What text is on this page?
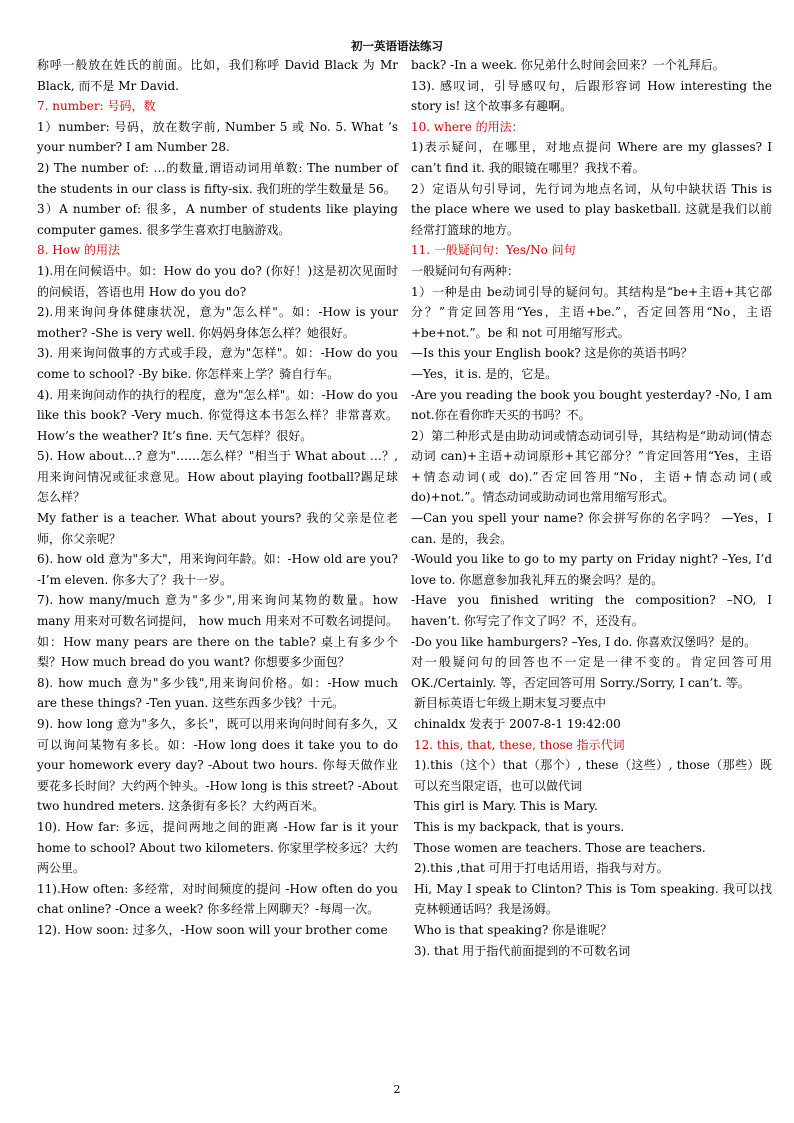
初一英语语法练习

称呼一般放在姓氏的前面。比如，我们称呼 David Black 为 Mr Black, 而不是 Mr David.

7. number: 号码，数

1）number: 号码，放在数字前, Number 5 或 No. 5. What ’s your number? I am Number 28.

2) The number of: …的数量,谓语动词用单数: The number of the students in our class is fifty-six. 我们班的学生数量是 56。

3）A number of: 很多，A number of students like playing computer games. 很多学生喜欢打电脑游戏。

8. How 的用法

1).用在问候语中。如：How do you do? (你好！)这是初次见面时的问候语，答语也用 How do you do?

2).用来询问身体健康状况，意为"怎么样"。如：-How is your mother? -She is very well. 你妈妈身体怎么样？她很好。

3). 用来询问做事的方式或手段，意为"怎样"。如：-How do you come to school? -By bike. 你怎样来上学？骑自行车。

4). 用来询问动作的执行的程度，意为"怎么样"。如：-How do you like this book? -Very much. 你觉得这本书怎么样？非常喜欢。How’s the weather? It’s fine. 天气怎样？很好。

5). How about…? 意为"……怎么样？"相当于 What about …？,用来询问情况或征求意见。How about playing football?踢足球怎么样？

My father is a teacher. What about yours? 我的父亲是位老师，你父亲呢？

6). how old 意为"多大"，用来询问年龄。如：-How old are you? -I’m eleven. 你多大了？我十一岁。

7). how many/much 意为"多少",用来询问某物的数量。how many 用来对可数名词提问， how much 用来对不可数名词提问。如：How many pears are there on the table? 桌上有多少个梨？How much bread do you want? 你想要多少面包？

8). how much 意为"多少钱",用来询问价格。如：-How much are these things? -Ten yuan. 这些东西多少钱？十元。

9). how long 意为"多久，多长"，既可以用来询问时间有多久，又可以询问某物有多长。如：-How long does it take you to do your homework every day? -About two hours. 你每天做作业要花多长时间？大约两个钟头。-How long is this street? -About two hundred meters. 这条街有多长？大约两百米。

10). How far: 多远，提问两地之间的距离 -How far is it your home to school? About two kilometers. 你家里学校多远？大约两公里。

11).How often: 多经常，对时间频度的提问 -How often do you chat online? -Once a week? 你多经常上网聊天？-每周一次。

12). How soon: 过多久，-How soon will your brother come

back? -In a week. 你兄弟什么时间会回来？一个礼拜后。

13). 感叹词，引导感叹句，后跟形容词 How interesting the story is! 这个故事多有趣啊。

10. where 的用法：

1)表示疑问，在哪里，对地点提问 Where are my glasses? I can’t find it. 我的眼镜在哪里？我找不着。

2）定语从句引导词，先行词为地点名词，从句中缺状语 This is the place where we used to play basketball. 这就是我们以前经常打篮球的地方。

11. 一般疑问句：Yes/No 问句

一般疑问句有两种：

1）一种是由 be动词引导的疑问句。其结构是“be+主语+其它部分？”肯定回答用“Yes，主语+be.”，否定回答用“No，主语+be+not.”。be 和 not 可用缩写形式。

—Is this your English book? 这是你的英语书吗？

—Yes，it is. 是的，它是。

-Are you reading the book you bought yesterday? -No, I am not.你在看你昨天买的书吗？不。

2）第二种形式是由助动词或情态动词引导，其结构是“助动词(情态动词 can)+主语+动词原形+其它部分？”肯定回答用“Yes，主语+情态动词(或 do).”否定回答用“No，主语+情态动词(或 do)+not.”。情态动词或助动词也常用缩写形式。

—Can you spell your name? 你会拼写你的名字吗？ —Yes，I can. 是的，我会。

-Would you like to go to my party on Friday night? –Yes, I’d love to. 你愿意参加我礼拜五的聚会吗？是的。

-Have you finished writing the composition? –NO, I haven’t. 你写完了作文了吗？不，还没有。

-Do you like hamburgers? –Yes, I do. 你喜欢汉堡吗？是的。

对一般疑问句的回答也不一定是一律不变的。肯定回答可用 OK./Certainly. 等，否定回答可用 Sorry./Sorry, I can’t. 等。

新目标英语七年级上期末复习要点中

chinaldx 发表于 2007-8-1 19:42:00

12. this, that, these, those 指示代词

1).this（这个）that（那个）, these（这些）, those（那些）既可以充当限定语，也可以做代词

This girl is Mary. This is Mary.

This is my backpack, that is yours.

Those women are teachers. Those are teachers.

2).this ,that 可用于打电话用语，指我与对方。

Hi, May I speak to Clinton? This is Tom speaking. 我可以找克林顿通话吗？我是汤姆。

Who is that speaking? 你是谁呢？

3). that 用于指代前面提到的不可数名词

2
